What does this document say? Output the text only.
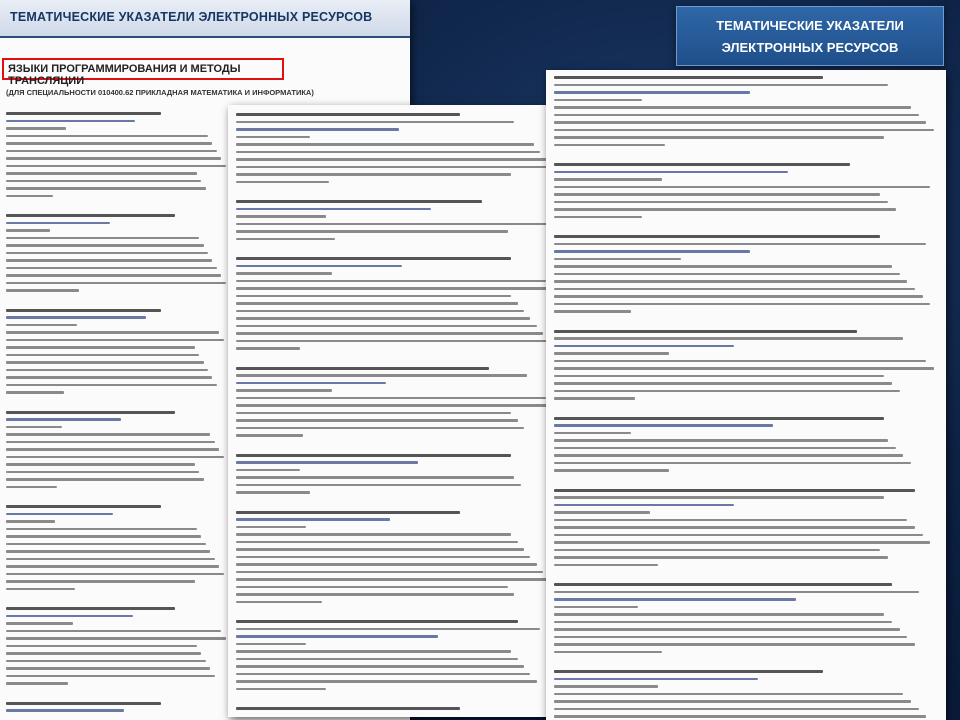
ТЕМАТИЧЕСКИЕ УКАЗАТЕЛИ
ЭЛЕКТРОННЫХ РЕСУРСОВ
ТЕМАТИЧЕСКИЕ УКАЗАТЕЛИ ЭЛЕКТРОННЫХ РЕСУРСОВ
ЯЗЫКИ ПРОГРАММИРОВАНИЯ И МЕТОДЫ ТРАНСЛЯЦИИ
(ДЛЯ СПЕЦИАЛЬНОСТИ 010400.62 ПРИКЛАДНАЯ МАТЕМАТИКА И ИНФОРМАТИКА)
